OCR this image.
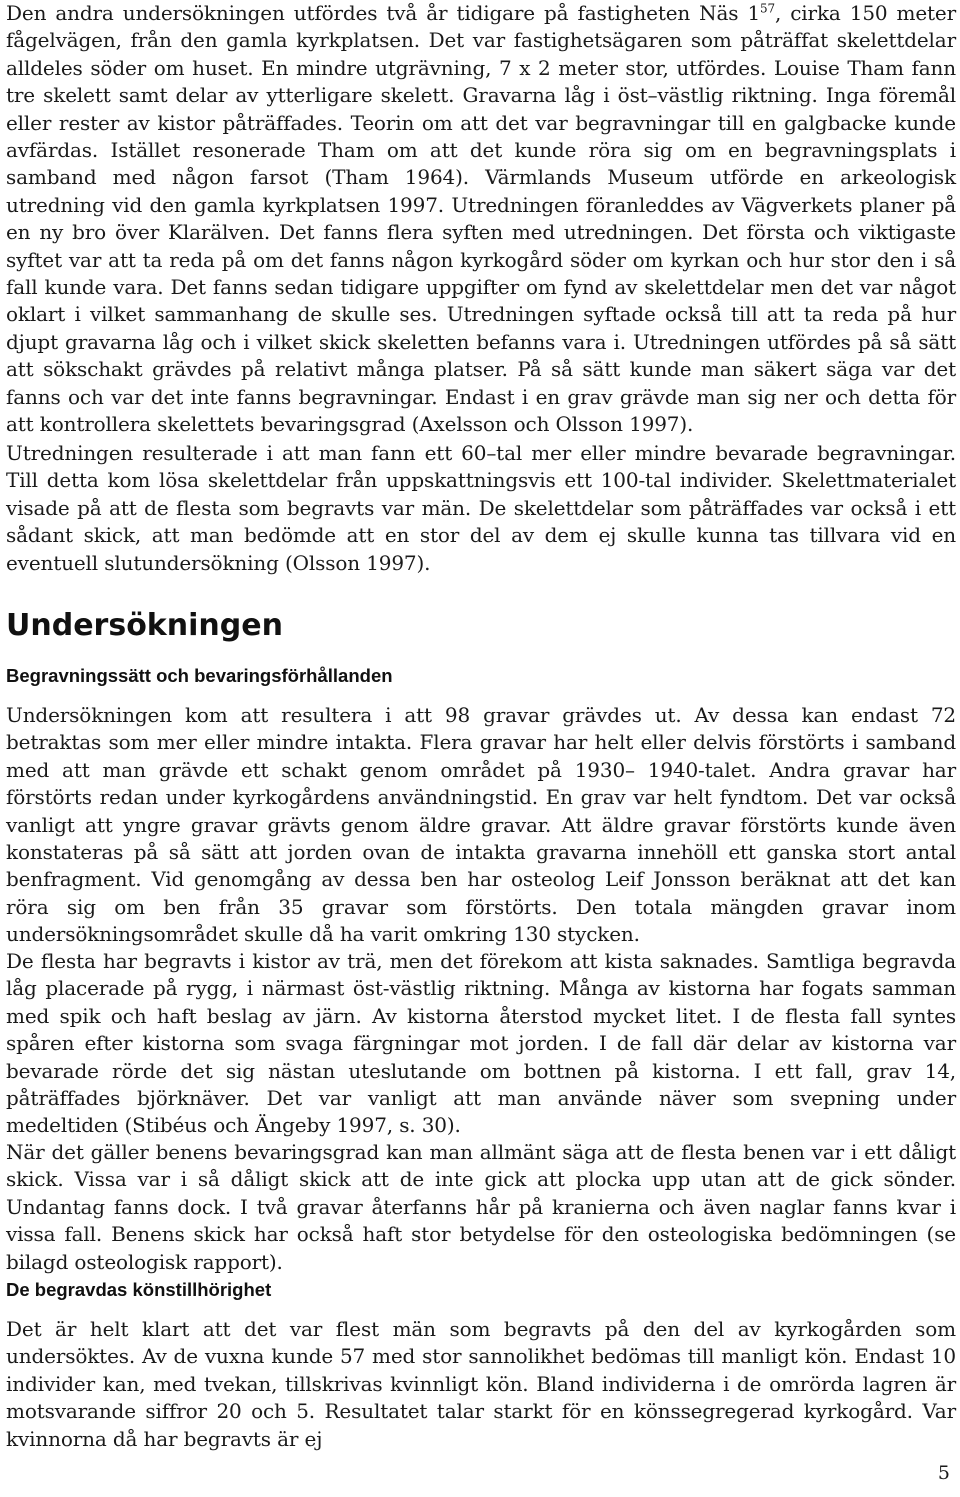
Den andra undersökningen utfördes två år tidigare på fastigheten Näs $1^{57}$, cirka 150 meter fågelvägen, från den gamla kyrkplatsen. Det var fastighetsägaren som påträffat skelettdelar alldeles söder om huset. En mindre utgrävning, 7 x 2 meter stor, utfördes. Louise Tham fann tre skelett samt delar av ytterligare skelett. Gravarna låg i öst–västlig riktning. Inga föremål eller rester av kistor påträffades. Teorin om att det var begravningar till en galgbacke kunde avfärdas. Istället resonerade Tham om att det kunde röra sig om en begravningsplats i samband med någon farsot (Tham 1964). Värmlands Museum utförde en arkeologisk utredning vid den gamla kyrkplatsen 1997. Utredningen föranleddes av Vägverkets planer på en ny bro över Klarälven. Det fanns flera syften med utredningen. Det första och viktigaste syftet var att ta reda på om det fanns någon kyrkogård söder om kyrkan och hur stor den i så fall kunde vara. Det fanns sedan tidigare uppgifter om fynd av skelettdelar men det var något oklart i vilket sammanhang de skulle ses. Utredningen syftade också till att ta reda på hur djupt gravarna låg och i vilket skick skeletten befanns vara i. Utredningen utfördes på så sätt att sökschakt grävdes på relativt många platser. På så sätt kunde man säkert säga var det fanns och var det inte fanns begravningar. Endast i en grav grävde man sig ner och detta för att kontrollera skelettets bevaringsgrad (Axelsson och Olsson 1997).

Utredningen resulterade i att man fann ett 60–tal mer eller mindre bevarade begravningar. Till detta kom lösa skelettdelar från uppskattningsvis ett 100-tal individer. Skelettmaterialet visade på att de flesta som begravts var män. De skelettdelar som påträffades var också i ett sådant skick, att man bedömde att en stor del av dem ej skulle kunna tas tillvara vid en eventuell slutundersökning (Olsson 1997).

Undersökningen
Begravningssätt och bevaringsförhållanden

Undersökningen kom att resultera i att 98 gravar grävdes ut. Av dessa kan endast 72 betraktas som mer eller mindre intakta. Flera gravar har helt eller delvis förstörts i samband med att man grävde ett schakt genom området på 1930– 1940-talet. Andra gravar har förstörts redan under kyrkogårdens användningstid. En grav var helt fyndtom. Det var också vanligt att yngre gravar grävts genom äldre gravar. Att äldre gravar förstörts kunde även konstateras på så sätt att jorden ovan de intakta gravarna innehöll ett ganska stort antal benfragment. Vid genomgång av dessa ben har osteolog Leif Jonsson beräknat att det kan röra sig om ben från 35 gravar som förstörts. Den totala mängden gravar inom undersökningsområdet skulle då ha varit omkring 130 stycken.

De flesta har begravts i kistor av trä, men det förekom att kista saknades. Samtliga begravda låg placerade på rygg, i närmast öst-västlig riktning. Många av kistorna har fogats samman med spik och haft beslag av järn. Av kistorna återstod mycket litet. I de flesta fall syntes spåren efter kistorna som svaga färgningar mot jorden. I de fall där delar av kistorna var bevarade rörde det sig nästan uteslutande om bottnen på kistorna. I ett fall, grav 14, påträffades björknäver. Det var vanligt att man använde näver som svepning under medeltiden (Stibéus och Ängeby 1997, s. 30).

När det gäller benens bevaringsgrad kan man allmänt säga att de flesta benen var i ett dåligt skick. Vissa var i så dåligt skick att de inte gick att plocka upp utan att de gick sönder. Undantag fanns dock. I två gravar återfanns hår på kranierna och även naglar fanns kvar i vissa fall. Benens skick har också haft stor betydelse för den osteologiska bedömningen (se bilagd osteologisk rapport).

De begravdas könstillhörighet

Det är helt klart att det var flest män som begravts på den del av kyrkogården som undersöktes. Av de vuxna kunde 57 med stor sannolikhet bedömas till manligt kön. Endast 10 individer kan, med tvekan, tillskrivas kvinnligt kön. Bland individerna i de omrörda lagren är motsvarande siffror 20 och 5. Resultatet talar starkt för en könssegregerad kyrkogård. Var kvinnorna då har begravts är ej

5
